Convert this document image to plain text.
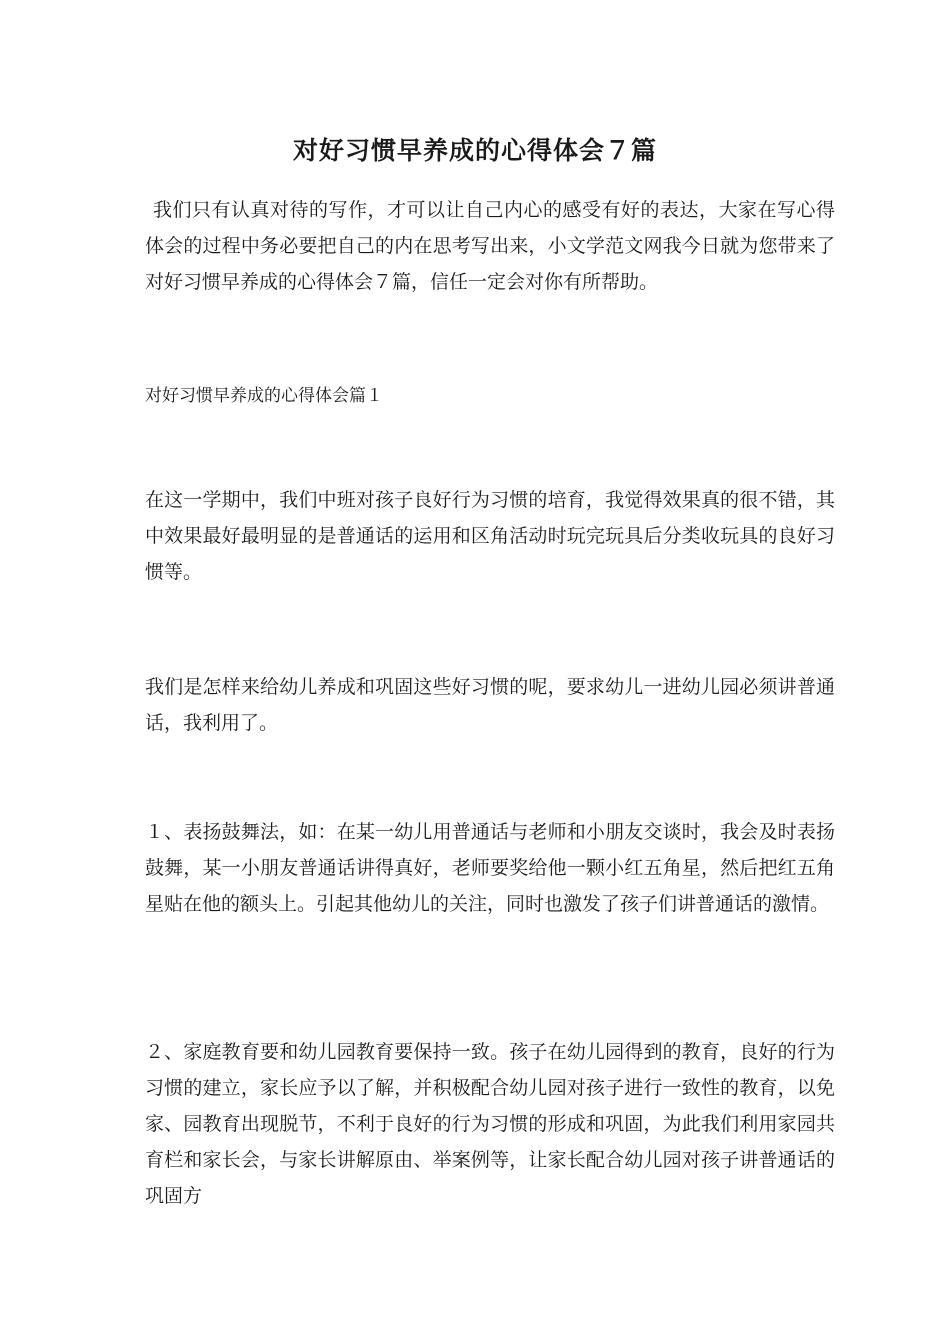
对好习惯早养成的心得体会７篇

我们只有认真对待的写作，才可以让自己内心的感受有好的表达，大家在写心得体会的过程中务必要把自己的内在思考写出来，小文学范文网我今日就为您带来了对好习惯早养成的心得体会７篇，信任一定会对你有所帮助。

对好习惯早养成的心得体会篇１

在这一学期中，我们中班对孩子良好行为习惯的培育，我觉得效果真的很不错，其中效果最好最明显的是普通话的运用和区角活动时玩完玩具后分类收玩具的良好习惯等。

我们是怎样来给幼儿养成和巩固这些好习惯的呢，要求幼儿一进幼儿园必须讲普通话，我利用了。

１、表扬鼓舞法，如：在某一幼儿用普通话与老师和小朋友交谈时，我会及时表扬鼓舞，某一小朋友普通话讲得真好，老师要奖给他一颗小红五角星，然后把红五角星贴在他的额头上。引起其他幼儿的关注，同时也激发了孩子们讲普通话的激情。

２、家庭教育要和幼儿园教育要保持一致。孩子在幼儿园得到的教育，良好的行为习惯的建立，家长应予以了解，并积极配合幼儿园对孩子进行一致性的教育，以免家、园教育出现脱节，不利于良好的行为习惯的形成和巩固，为此我们利用家园共育栏和家长会，与家长讲解原由、举案例等，让家长配合幼儿园对孩子讲普通话的巩固方
